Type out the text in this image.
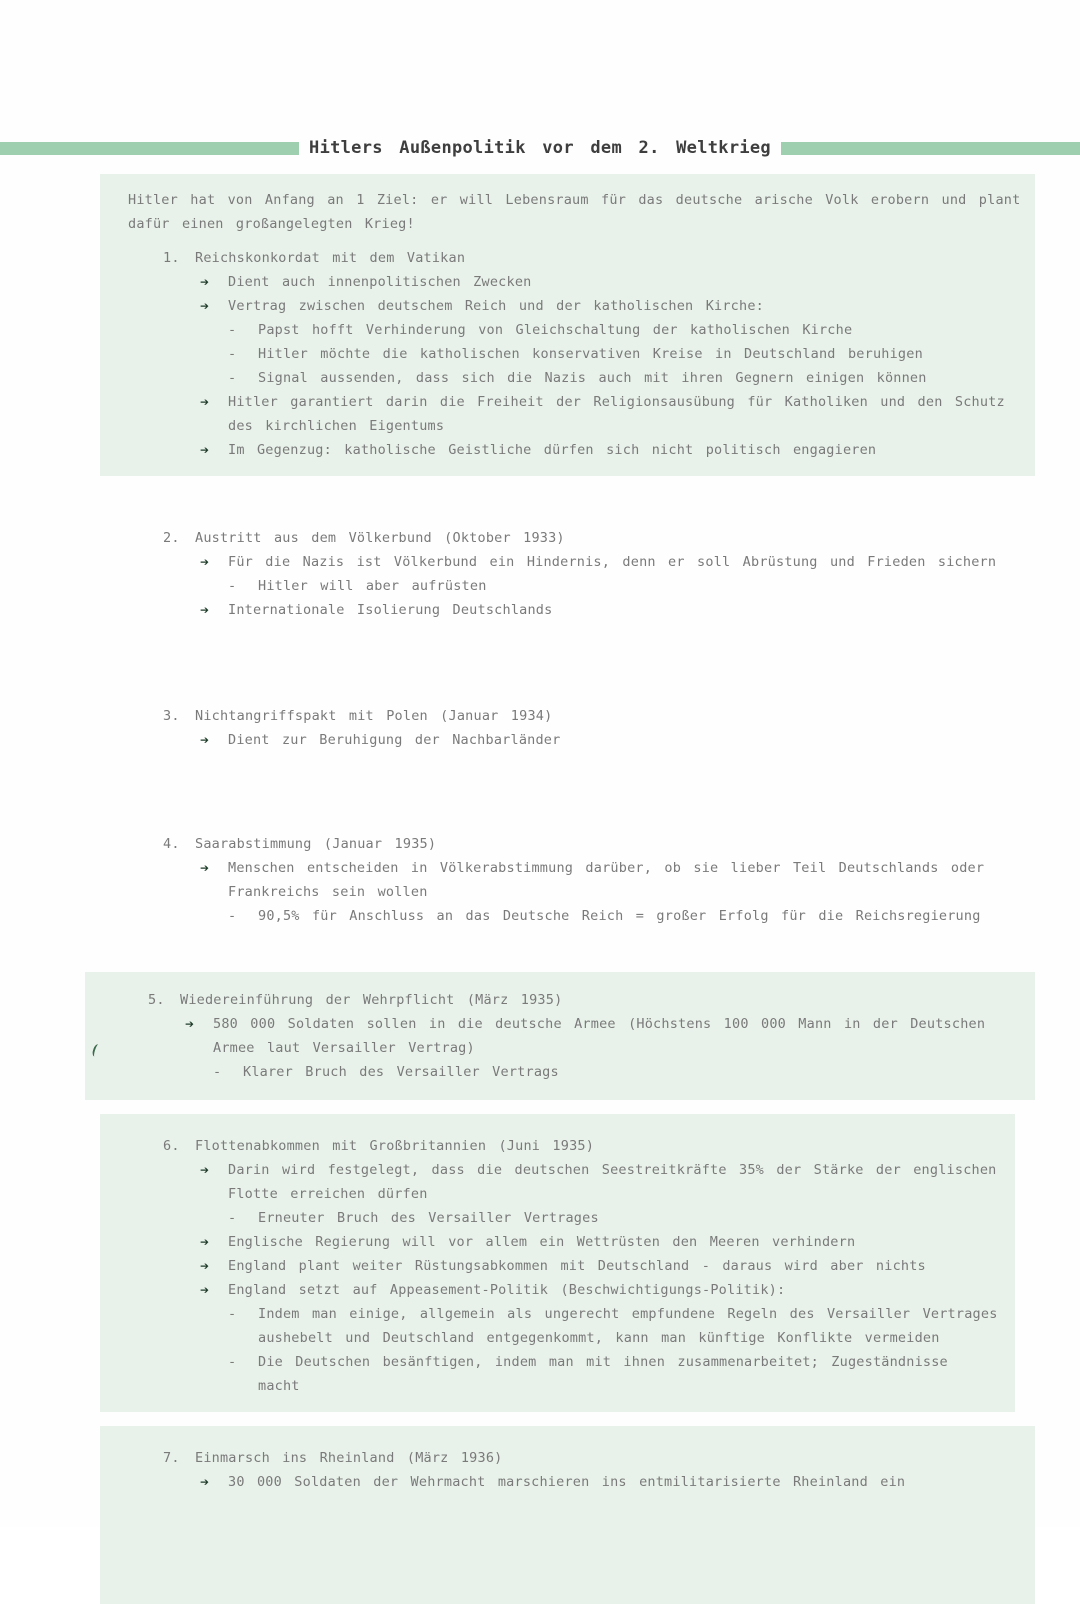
Hitlers Außenpolitik vor dem 2. Weltkrieg
Hitler hat von Anfang an 1 Ziel: er will Lebensraum für das deutsche arische Volk erobern und plant dafür einen großangelegten Krieg!
1.	Reichskonkordat mit dem Vatikan
➔	Dient auch innenpolitischen Zwecken
➔	Vertrag zwischen deutschem Reich und der katholischen Kirche:
-	Papst hofft Verhinderung von Gleichschaltung der katholischen Kirche
-	Hitler möchte die katholischen konservativen Kreise in Deutschland beruhigen
-	Signal aussenden, dass sich die Nazis auch mit ihren Gegnern einigen können
➔	Hitler garantiert darin die Freiheit der Religionsausübung für Katholiken und den Schutz des kirchlichen Eigentums
➔	Im Gegenzug: katholische Geistliche dürfen sich nicht politisch engagieren
2.	Austritt aus dem Völkerbund (Oktober 1933)
➔	Für die Nazis ist Völkerbund ein Hindernis, denn er soll Abrüstung und Frieden sichern
-	Hitler will aber aufrüsten
➔	Internationale Isolierung Deutschlands
3.	Nichtangriffspakt mit Polen (Januar 1934)
➔	Dient zur Beruhigung der Nachbarländer
4.	Saarabstimmung (Januar 1935)
➔	Menschen entscheiden in Völkerabstimmung darüber, ob sie lieber Teil Deutschlands oder Frankreichs sein wollen
-	90,5% für Anschluss an das Deutsche Reich = großer Erfolg für die Reichsregierung
5.	Wiedereinführung der Wehrpflicht (März 1935)
➔	580 000 Soldaten sollen in die deutsche Armee (Höchstens 100 000 Mann in der Deutschen Armee laut Versailler Vertrag)
-	Klarer Bruch des Versailler Vertrags
6.	Flottenabkommen mit Großbritannien (Juni 1935)
➔	Darin wird festgelegt, dass die deutschen Seestreitkräfte 35% der Stärke der englischen Flotte erreichen dürfen
-	Erneuter Bruch des Versailler Vertrages
➔	Englische Regierung will vor allem ein Wettrüsten den Meeren verhindern
➔	England plant weiter Rüstungsabkommen mit Deutschland - daraus wird aber nichts
➔	England setzt auf Appeasement-Politik (Beschwichtigungs-Politik):
-	Indem man einige, allgemein als ungerecht empfundene Regeln des Versailler Vertrages aushebelt und Deutschland entgegenkommt, kann man künftige Konflikte vermeiden
-	Die Deutschen besänftigen, indem man mit ihnen zusammenarbeitet; Zugeständnisse macht
7.	Einmarsch ins Rheinland (März 1936)
➔	30 000 Soldaten der Wehrmacht marschieren ins entmilitarisierte Rheinland ein
